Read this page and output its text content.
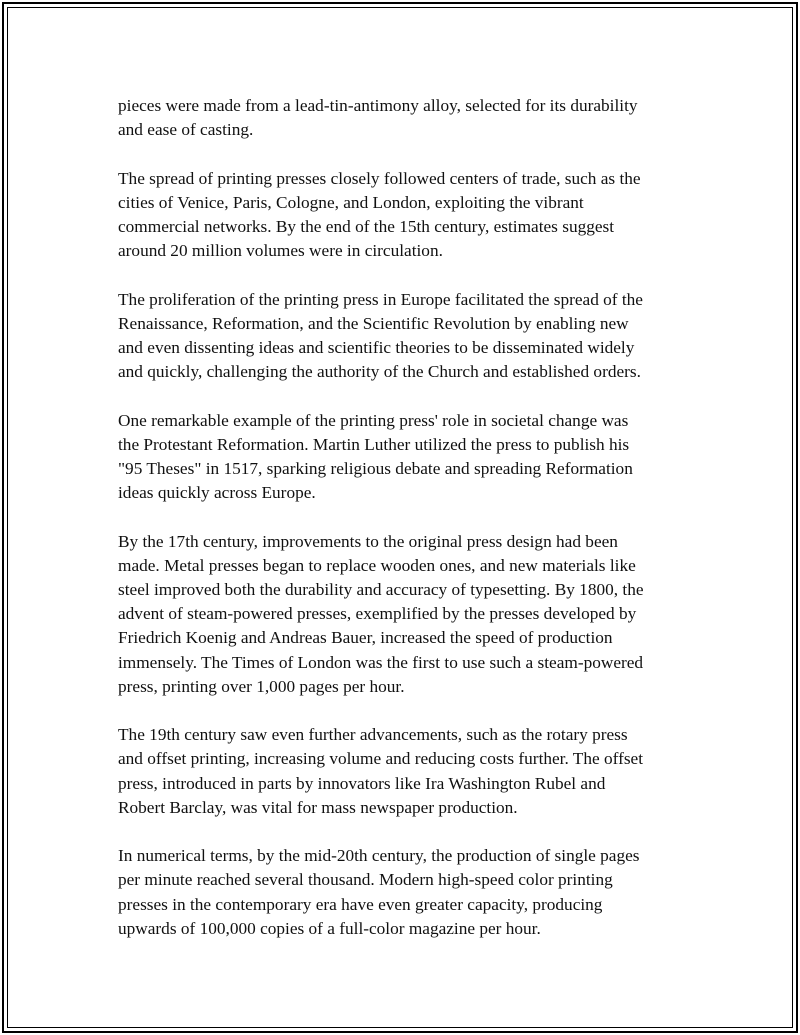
pieces were made from a lead-tin-antimony alloy, selected for its durability
and ease of casting.

The spread of printing presses closely followed centers of trade, such as the
cities of Venice, Paris, Cologne, and London, exploiting the vibrant
commercial networks. By the end of the 15th century, estimates suggest
around 20 million volumes were in circulation.

The proliferation of the printing press in Europe facilitated the spread of the
Renaissance, Reformation, and the Scientific Revolution by enabling new
and even dissenting ideas and scientific theories to be disseminated widely
and quickly, challenging the authority of the Church and established orders.

One remarkable example of the printing press' role in societal change was
the Protestant Reformation. Martin Luther utilized the press to publish his
"95 Theses" in 1517, sparking religious debate and spreading Reformation
ideas quickly across Europe.

By the 17th century, improvements to the original press design had been
made. Metal presses began to replace wooden ones, and new materials like
steel improved both the durability and accuracy of typesetting. By 1800, the
advent of steam-powered presses, exemplified by the presses developed by
Friedrich Koenig and Andreas Bauer, increased the speed of production
immensely. The Times of London was the first to use such a steam-powered
press, printing over 1,000 pages per hour.

The 19th century saw even further advancements, such as the rotary press
and offset printing, increasing volume and reducing costs further. The offset
press, introduced in parts by innovators like Ira Washington Rubel and
Robert Barclay, was vital for mass newspaper production.

In numerical terms, by the mid-20th century, the production of single pages
per minute reached several thousand. Modern high-speed color printing
presses in the contemporary era have even greater capacity, producing
upwards of 100,000 copies of a full-color magazine per hour.
